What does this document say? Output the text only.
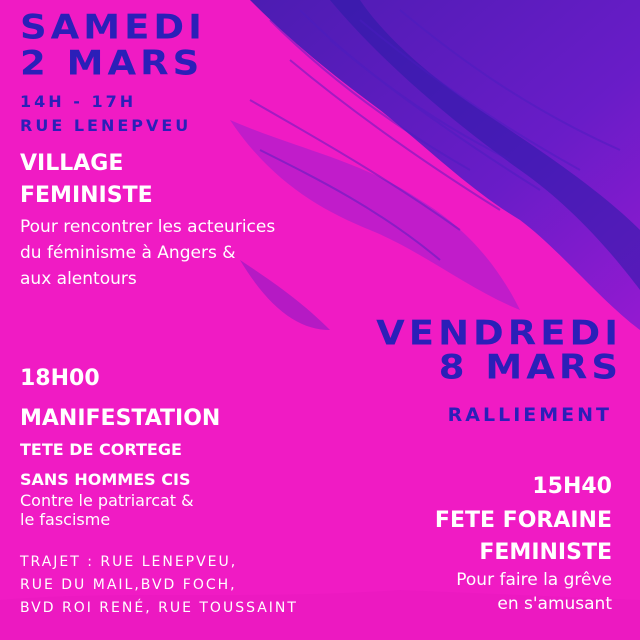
SAMEDI
2 MARS
14H - 17H
RUE LENEPVEU
VILLAGE
FEMINISTE
Pour rencontrer les acteurices
du féminisme à Angers &
aux alentours
VENDREDI
8 MARS
RALLIEMENT
18H00
MANIFESTATION
TETE DE CORTEGE
SANS HOMMES CIS
Contre le patriarcat &
le fascisme
TRAJET : RUE LENEPVEU,
RUE DU MAIL,BVD FOCH,
BVD ROI RENÉ, RUE TOUSSAINT
15H40
FETE FORAINE
FEMINISTE
Pour faire la grêve
en s'amusant
